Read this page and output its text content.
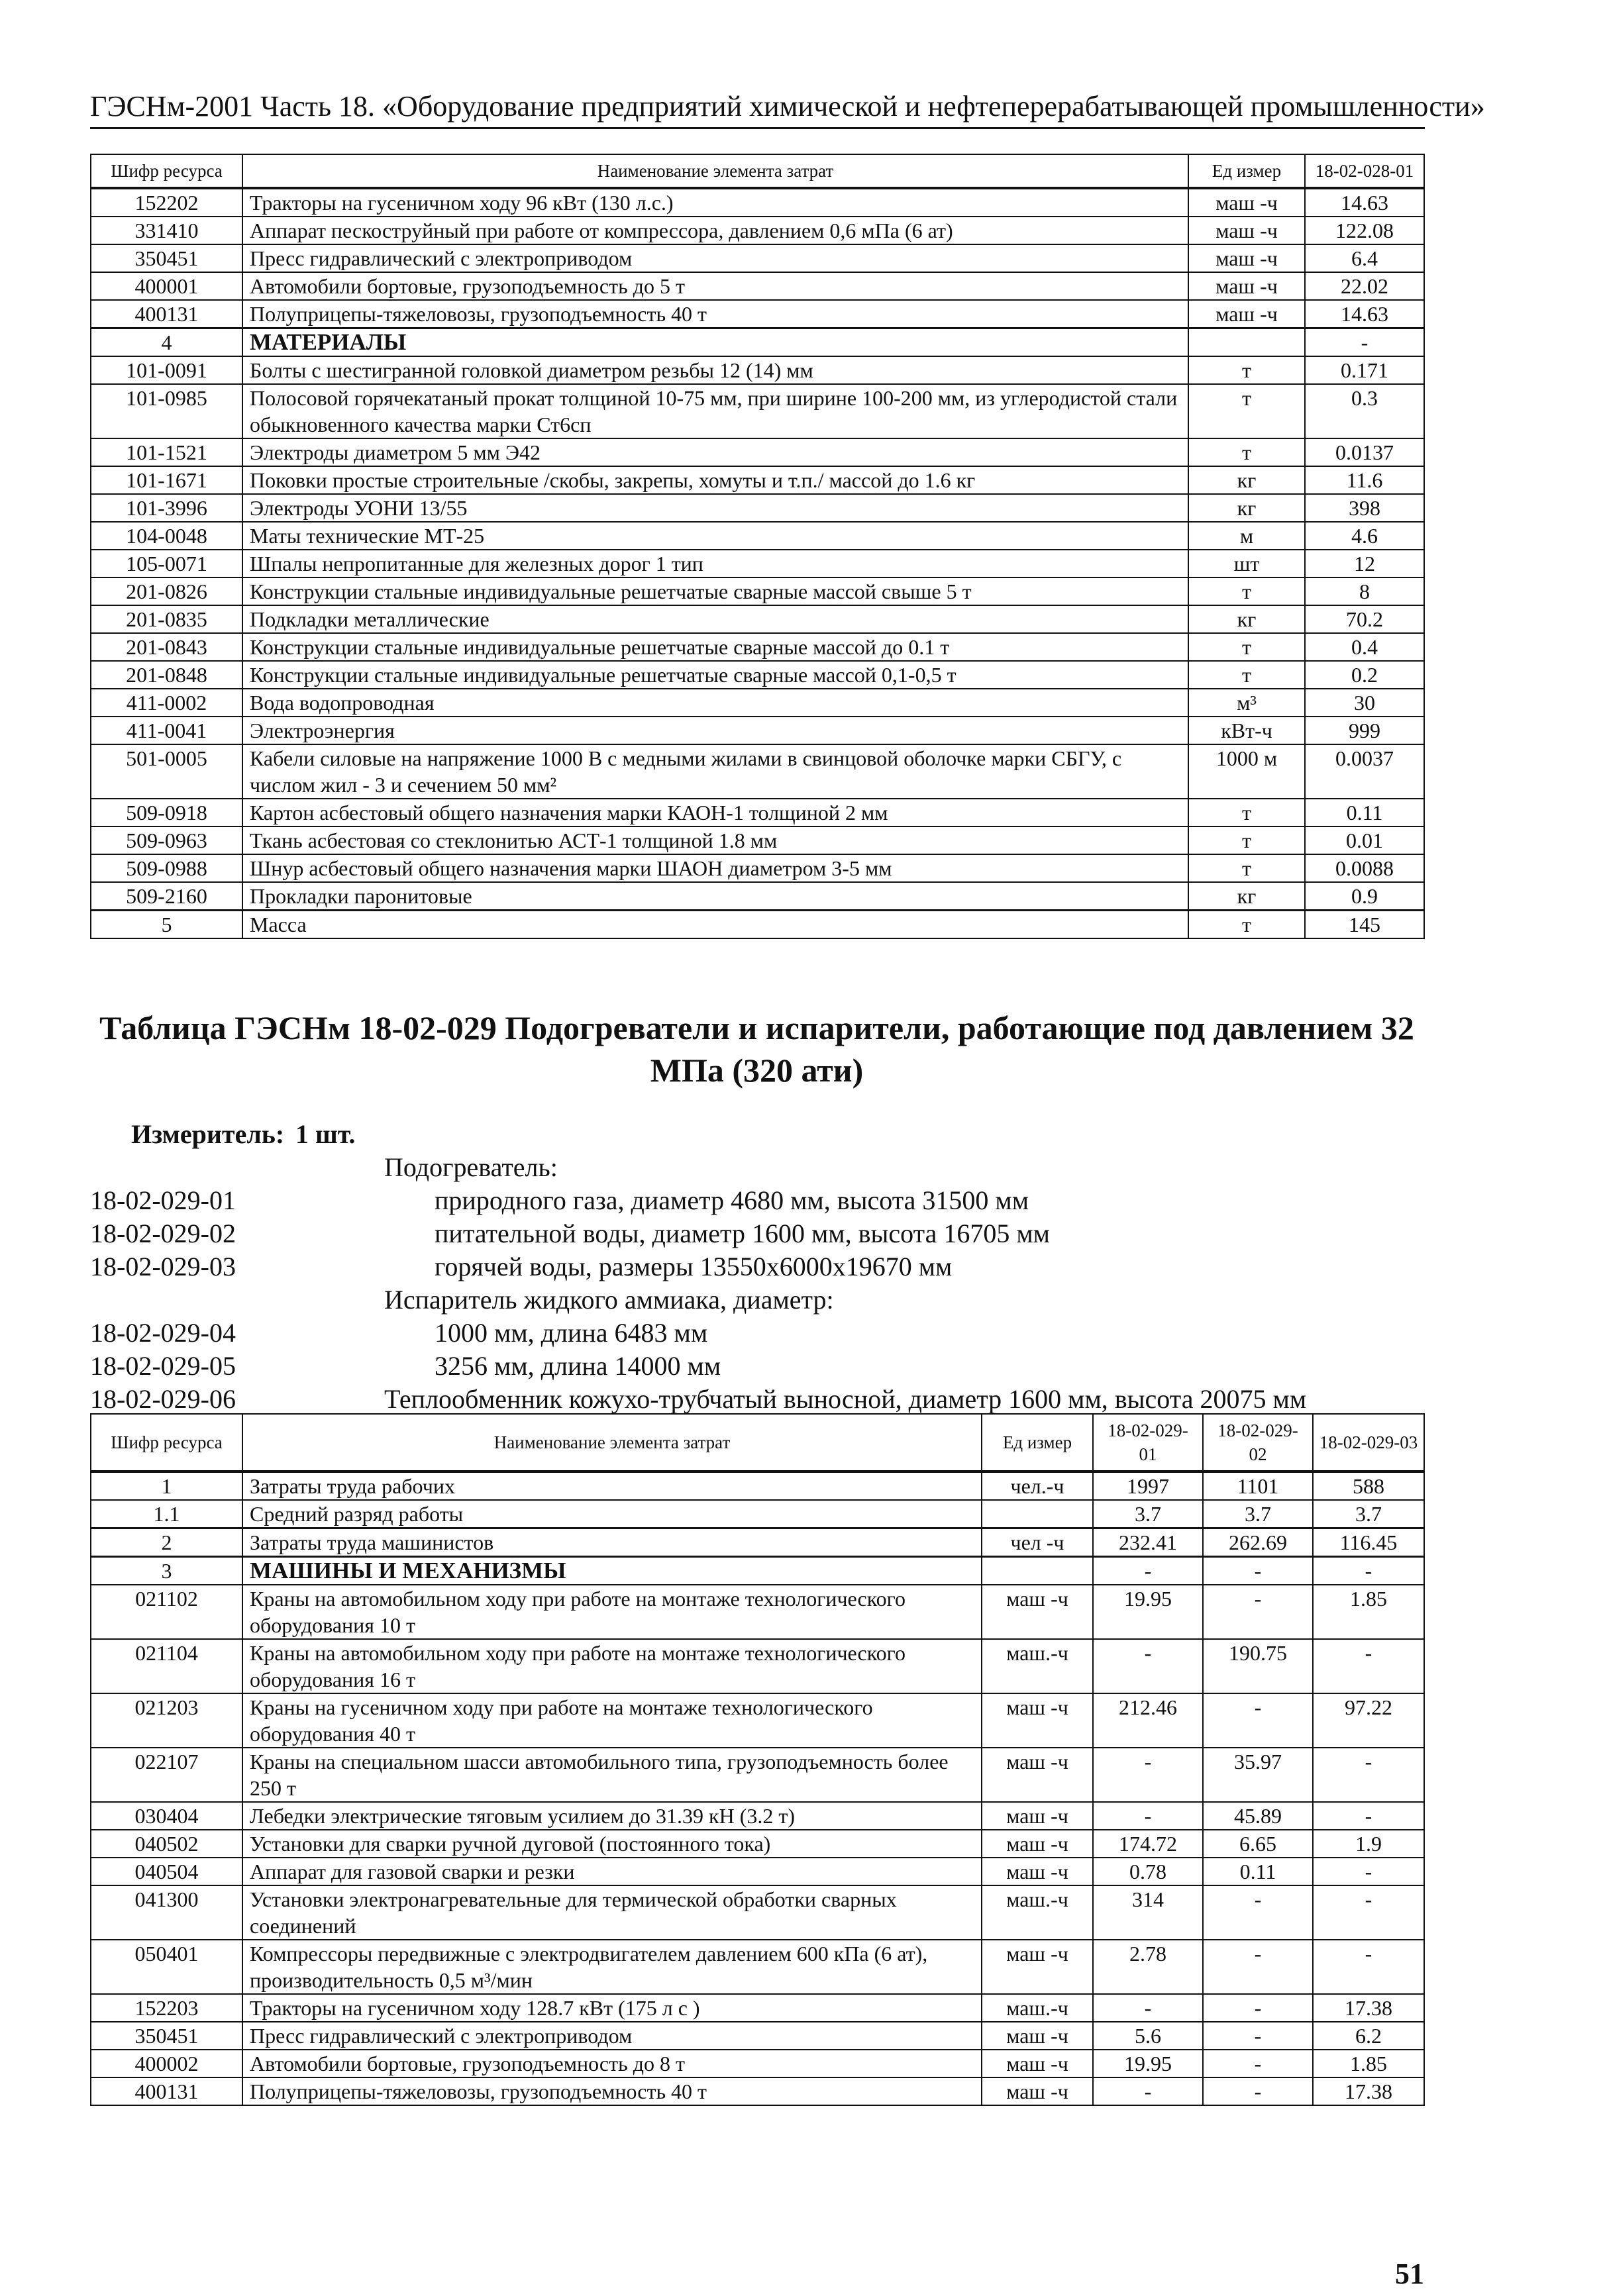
ГЭСНм-2001 Часть 18. «Оборудование предприятий химической и нефтеперерабатывающей промышленности»
Шифр ресурса	Наименование элемента затрат	Ед измер	18-02-028-01
152202	Тракторы на гусеничном ходу 96 кВт (130 л.с.)	маш -ч	14.63
331410	Аппарат пескоструйный при работе от компрессора, давлением 0,6 мПа (6 ат)	маш -ч	122.08
350451	Пресс гидравлический с электроприводом	маш -ч	6.4
400001	Автомобили бортовые, грузоподъемность до 5 т	маш -ч	22.02
400131	Полуприцепы-тяжеловозы, грузоподъемность 40 т	маш -ч	14.63
4	МАТЕРИАЛЫ		-
101-0091	Болты с шестигранной головкой диаметром резьбы 12 (14) мм	т	0.171
101-0985	Полосовой горячекатаный прокат толщиной 10-75 мм, при ширине 100-200 мм, из углеродистой стали обыкновенного качества марки Ст6сп	т	0.3
101-1521	Электроды диаметром 5 мм Э42	т	0.0137
101-1671	Поковки простые строительные /скобы, закрепы, хомуты и т.п./ массой до 1.6 кг	кг	11.6
101-3996	Электроды УОНИ 13/55	кг	398
104-0048	Маты технические МТ-25	м	4.6
105-0071	Шпалы непропитанные для железных дорог 1 тип	шт	12
201-0826	Конструкции стальные индивидуальные решетчатые сварные массой свыше 5 т	т	8
201-0835	Подкладки металлические	кг	70.2
201-0843	Конструкции стальные индивидуальные решетчатые сварные массой до 0.1 т	т	0.4
201-0848	Конструкции стальные индивидуальные решетчатые сварные массой 0,1-0,5 т	т	0.2
411-0002	Вода водопроводная	м³	30
411-0041	Электроэнергия	кВт-ч	999
501-0005	Кабели силовые на напряжение 1000 В с медными жилами в свинцовой оболочке марки СБГУ, с числом жил - 3 и сечением 50 мм²	1000 м	0.0037
509-0918	Картон асбестовый общего назначения марки КАОН-1 толщиной 2 мм	т	0.11
509-0963	Ткань асбестовая со стеклонитью АСТ-1 толщиной 1.8 мм	т	0.01
509-0988	Шнур асбестовый общего назначения марки ШАОН диаметром 3-5 мм	т	0.0088
509-2160	Прокладки паронитовые	кг	0.9
5	Масса	т	145
Таблица ГЭСНм 18-02-029 Подогреватели и испарители, работающие под давлением 32 МПа (320 ати)
Измеритель: 1 шт.
Подогреватель:
18-02-029-01	природного газа, диаметр 4680 мм, высота 31500 мм
18-02-029-02	питательной воды, диаметр 1600 мм, высота 16705 мм
18-02-029-03	горячей воды, размеры 13550х6000х19670 мм
Испаритель жидкого аммиака, диаметр:
18-02-029-04	1000 мм, длина 6483 мм
18-02-029-05	3256 мм, длина 14000 мм
18-02-029-06	Теплообменник кожухо-трубчатый выносной, диаметр 1600 мм, высота 20075 мм
Шифр ресурса	Наименование элемента затрат	Ед измер	18-02-029-01	18-02-029-02	18-02-029-03
1	Затраты труда рабочих	чел.-ч	1997	1101	588
1.1	Средний разряд работы		3.7	3.7	3.7
2	Затраты труда машинистов	чел -ч	232.41	262.69	116.45
3	МАШИНЫ И МЕХАНИЗМЫ		-	-	-
021102	Краны на автомобильном ходу при работе на монтаже технологического оборудования 10 т	маш -ч	19.95	-	1.85
021104	Краны на автомобильном ходу при работе на монтаже технологического оборудования 16 т	маш.-ч	-	190.75	-
021203	Краны на гусеничном ходу при работе на монтаже технологического оборудования 40 т	маш -ч	212.46	-	97.22
022107	Краны на специальном шасси автомобильного типа, грузоподъемность более 250 т	маш -ч	-	35.97	-
030404	Лебедки электрические тяговым усилием до 31.39 кН (3.2 т)	маш -ч	-	45.89	-
040502	Установки для сварки ручной дуговой (постоянного тока)	маш -ч	174.72	6.65	1.9
040504	Аппарат для газовой сварки и резки	маш -ч	0.78	0.11	-
041300	Установки электронагревательные для термической обработки сварных соединений	маш.-ч	314	-	-
050401	Компрессоры передвижные с электродвигателем давлением 600 кПа (6 ат), производительность 0,5 м³/мин	маш -ч	2.78	-	-
152203	Тракторы на гусеничном ходу 128.7 кВт (175 л с )	маш.-ч	-	-	17.38
350451	Пресс гидравлический с электроприводом	маш -ч	5.6	-	6.2
400002	Автомобили бортовые, грузоподъемность до 8 т	маш -ч	19.95	-	1.85
400131	Полуприцепы-тяжеловозы, грузоподъемность 40 т	маш -ч	-	-	17.38
51
